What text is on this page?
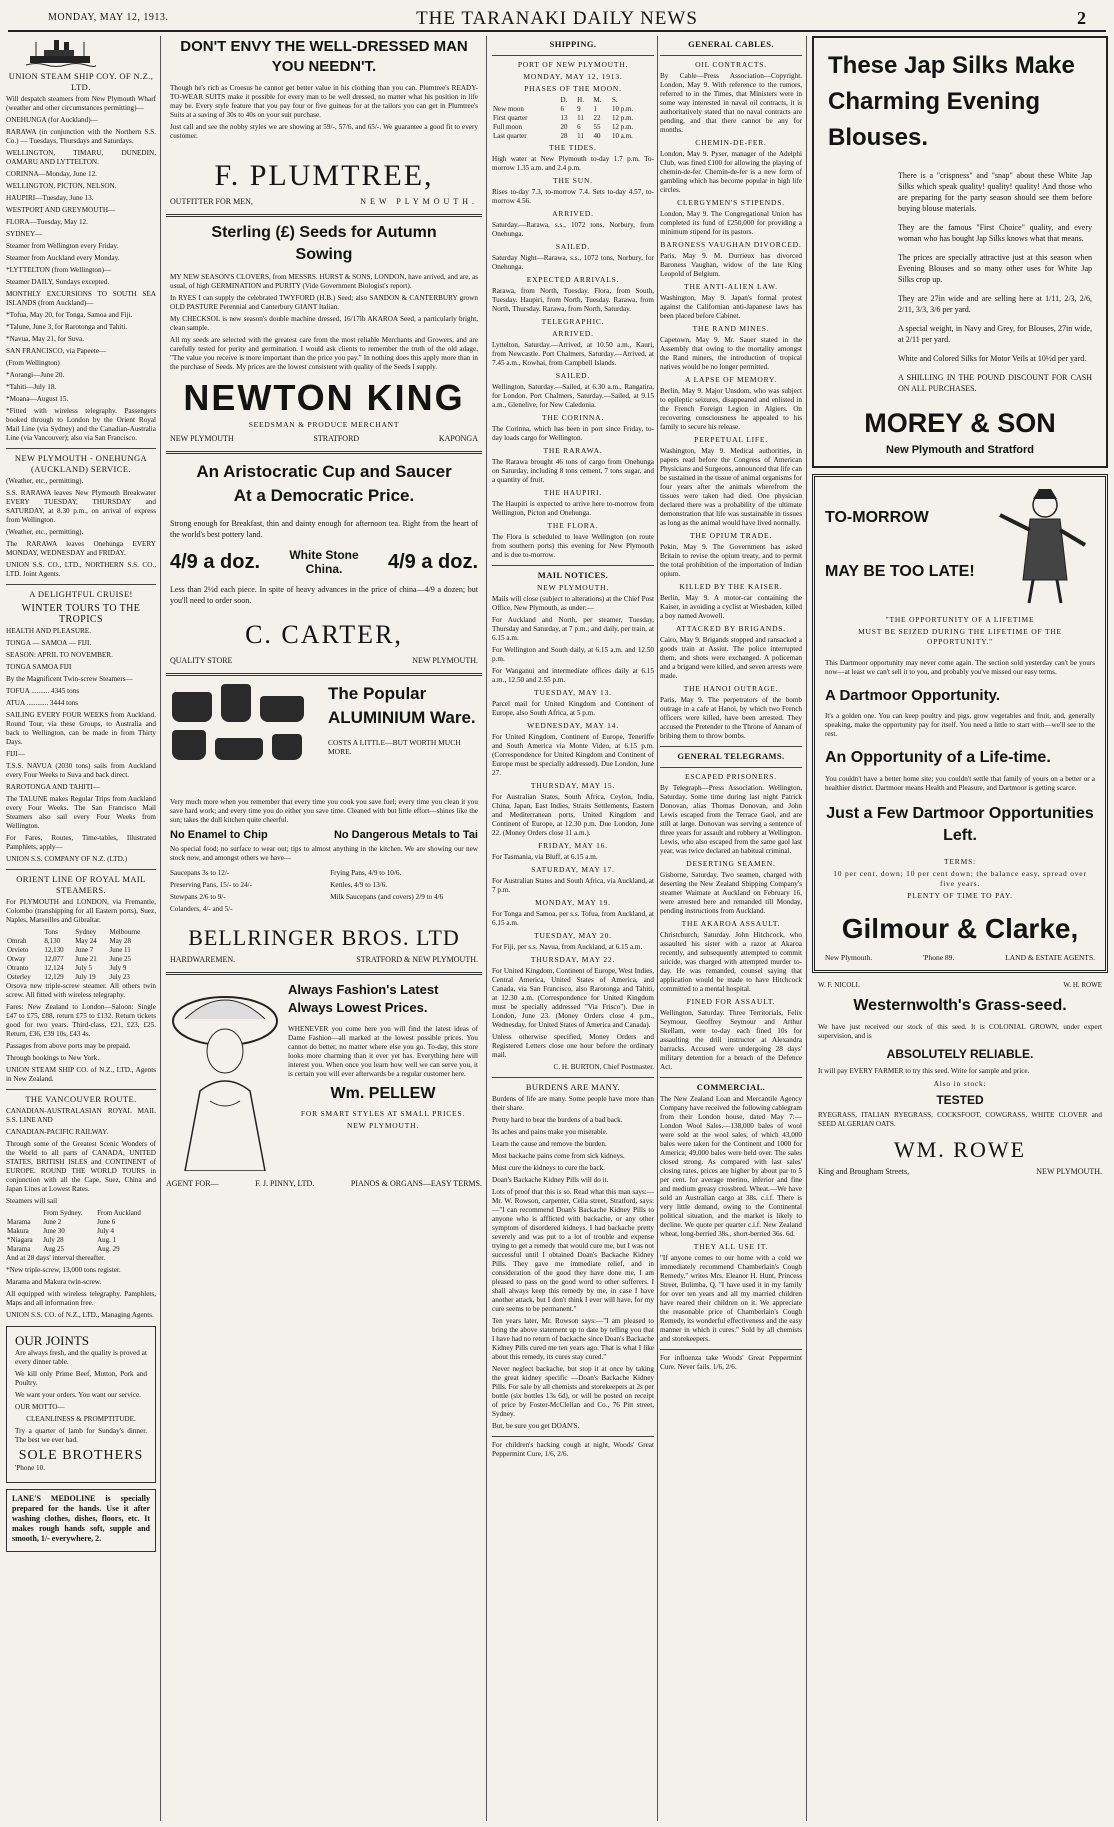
MONDAY, MAY 12, 1913.	THE TARANAKI DAILY NEWS	2
UNION STEAM SHIP COY. OF N.Z., LTD.

Will despatch steamers from New Plymouth Wharf (weather and other circumstances permitting)—

ONEHUNGA (for Auckland)—

RARAWA (in conjunction with the Northern S.S. Co.) — Tuesdays, Thursdays and Saturdays.

WELLINGTON, TIMARU, DUNEDIN, OAMARU AND LYTTELTON.

CORINNA—Monday, June 12.

WELLINGTON, PICTON, NELSON.

HAUPIRI—Tuesday, June 13.

WESTPORT AND GREYMOUTH—

FLORA—Tuesday, May 12.

SYDNEY—

Steamer from Wellington every Friday.

Steamer from Auckland every Monday.

*LYTTELTON (from Wellington)—

Steamer DAILY, Sundays excepted.

MONTHLY EXCURSIONS TO SOUTH SEA ISLANDS (from Auckland)—

*Tofua, May 20, for Tonga, Samoa and Fiji.

*Talune, June 3, for Rarotonga and Tahiti.

*Navua, May 21, for Suva.

SAN FRANCISCO, via Papeete—

(From Wellington)

*Aorangi—June 20.

*Tahiti—July 18.

*Moana—August 15.

*Fitted with wireless telegraphy. Passengers booked through to London by the Orient Royal Mail Line (via Sydney) and the Canadian-Australia Line (via Vancouver); also via San Francisco.

NEW PLYMOUTH - ONEHUNGA (AUCKLAND) SERVICE.

(Weather, etc., permitting).

S.S. RARAWA leaves New Plymouth Breakwater EVERY TUESDAY, THURSDAY and SATURDAY, at 8.30 p.m., on arrival of express from Wellington.

(Weather, etc., permitting).

The RARAWA leaves Onehunga EVERY MONDAY, WEDNESDAY and FRIDAY.

UNION S.S. CO., LTD., NORTHERN S.S. CO., LTD. Joint Agents.

A DELIGHTFUL CRUISE!
WINTER TOURS TO THE TROPICS

HEALTH AND PLEASURE.

TONGA — SAMOA — FIJI.

SEASON: APRIL TO NOVEMBER.

TONGA SAMOA FIJI

By the Magnificent Twin-screw Steamers—

TOFUA .......... 4345 tons

ATUA ............ 3444 tons

SAILING EVERY FOUR WEEKS from Auckland. Round Tour, via these Groups, to Australia and back to Wellington, can be made in from Thirty Days.

FIJI—

T.S.S. NAVUA (2030 tons) sails from Auckland every Four Weeks to Suva and back direct.

RAROTONGA AND TAHITI—

The TALUNE makes Regular Trips from Auckland every Four Weeks. The San Francisco Mail Steamers also sail every Four Weeks from Wellington.

For Fares, Routes, Time-tables, Illustrated Pamphlets, apply—

UNION S.S. COMPANY OF N.Z. (LTD.)

ORIENT LINE OF ROYAL MAIL STEAMERS.

For PLYMOUTH and LONDON, via Fremantle, Colombo (transhipping for all Eastern ports), Suez, Naples, Marseilles and Gibraltar.

	Tons	Sydney	Melbourne
Omrah	8,130	May 24	May 28
Orvieto	12,130	June 7	June 11
Otway	12,077	June 21	June 25
Otranto	12,124	July 5	July 9
Osterley	12,129	July 19	July 23

Orsova new triple-screw steamer. All others twin screw. All fitted with wireless telegraphy.

Fares: New Zealand to London—Saloon: Single £47 to £75, £88, return £75 to £132. Return tickets good for two years. Third-class, £21, £23, £25. Return, £36, £39 10s, £43 4s.

Passages from above ports may be prepaid.

Through bookings to New York.

UNION STEAM SHIP CO. of N.Z., LTD., Agents in New Zealand.

THE VANCOUVER ROUTE.

CANADIAN-AUSTRALASIAN ROYAL MAIL S.S. LINE AND

CANADIAN-PACIFIC RAILWAY.

Through some of the Greatest Scenic Wonders of the World to all parts of CANADA, UNITED STATES, BRITISH ISLES and CONTINENT of EUROPE. ROUND THE WORLD TOURS in conjunction with all the Cape, Suez, China and Japan Lines at Lowest Rates.

Steamers will sail

	From Sydney.	From Auckland
Marama	June 2	June 6
Makura	June 30	July 4
*Niagara	July 28	Aug. 1
Marama	Aug 25	Aug. 29

And at 28 days' interval thereafter.

*New triple-screw, 13,000 tons register.

Marama and Makura twin-screw.

All equipped with wireless telegraphy. Pamphlets, Maps and all information free.

UNION S.S. CO. of N.Z., LTD., Managing Agents.

OUR JOINTS

Are always fresh, and the quality is proved at every dinner table.

We kill only Prime Beef, Mutton, Pork and Poultry.

We want your orders. You want our service.

OUR MOTTO—

CLEANLINESS & PROMPTITUDE.

Try a quarter of lamb for Sunday's dinner. The best we ever had.

SOLE BROTHERS

'Phone 10.

LANE'S MEDOLINE is specially prepared for the hands. Use it after washing clothes, dishes, floors, etc. It makes rough hands soft, supple and smooth, 1/- everywhere, 2.

DON'T ENVY THE WELL-DRESSED MAN
YOU NEEDN'T.

Though he's rich as Croesus he cannot get better value in his clothing than you can. Plumtree's READY-TO-WEAR SUITS make it possible for every man to be well dressed, no matter what his position in life may be. Every style feature that you pay four or five guineas for at the tailors you can get in Plumtree's Suits at a saving of 30s to 40s on your suit purchase.

Just call and see the nobby styles we are showing at 59/-, 57/6, and 65/-. We guarantee a good fit to every customer.

F. PLUMTREE,
OUTFITTER FOR MEN,	NEW PLYMOUTH.
Sterling (£) Seeds for Autumn
Sowing

MY NEW SEASON'S CLOVERS, from MESSRS. HURST & SONS, LONDON, have arrived, and are, as usual, of high GERMINATION and PURITY (Vide Government Biologist's report).

In RYES I can supply the celebrated TWYFORD (H.B.) Seed; also SANDON & CANTERBURY grown OLD PASTURE Perennial and Canterbury GIANT Italian.

My CHECKSOL is new season's double machine dressed, 16/17lb AKAROA Seed, a particularly bright, clean sample.

All my seeds are selected with the greatest care from the most reliable Merchants and Growers, and are carefully tested for purity and germination. I would ask clients to remember the truth of the old adage, "The value you receive is more important than the price you pay." In nothing does this apply more than in the purchase of Seeds. My prices are the lowest consistent with quality of the Seeds I supply.

NEWTON KING
SEEDSMAN & PRODUCE MERCHANT
NEW PLYMOUTH	STRATFORD	KAPONGA
An Aristocratic Cup and Saucer
At a Democratic Price.

Strong enough for Breakfast, thin and dainty enough for afternoon tea. Right from the heart of the world's best pottery land.

4/9 a doz.	White Stone China.	4/9 a doz.

Less than 2½d each piece. In spite of heavy advances in the price of china—4/9 a dozen; but you'll need to order soon.

C. CARTER,
QUALITY STORE	NEW PLYMOUTH.

The Popular ALUMINIUM Ware.

COSTS A LITTLE—BUT WORTH MUCH MORE.

Very much more when you remember that every time you cook you save fuel; every time you clean it you save hard work; and every time you do either you save time. Cleaned with but little effort—shines like the sun; takes the dull kitchen quite cheerful.

No Enamel to Chip	No Dangerous Metals to Tai

No special food; no surface to wear out; tips to almost anything in the kitchen. We are showing our new stock now, and amongst others we have—

Saucepans 3s to 12/-

Preserving Pans, 15/- to 24/-

Stewpans 2/6 to 9/-

Colanders, 4/- and 5/-

Frying Pans, 4/9 to 10/6.

Kettles, 4/9 to 13/6.

Milk Saucepans (and covers) 2/9 to 4/6

BELLRINGER BROS. LTD
HARDWAREMEN.	STRATFORD & NEW PLYMOUTH.
Always Fashion's Latest Always Lowest Prices.

WHENEVER you come here you will find the latest ideas of Dame Fashion—all marked at the lowest possible prices. You cannot do better, no matter where else you go. To-day, this store looks more charming than it ever yet has. Everything here will interest you. When once you learn how well we can serve you, it is certain you will ever afterwards be a regular customer here.

Wm. PELLEW
FOR SMART STYLES AT SMALL PRICES.
NEW PLYMOUTH.
AGENT FOR—	F. J. PINNY, LTD.	PIANOS & ORGANS—EASY TERMS.
SHIPPING.
PORT OF NEW PLYMOUTH.
MONDAY, MAY 12, 1913.
PHASES OF THE MOON.
	D.	H.	M.	S.
New moon	6	9	1	10 p.m.
First quarter	13	11	22	12 p.m.
Full moon	20	6	55	12 p.m.
Last quarter	28	11	40	10 a.m.
THE TIDES.

High water at New Plymouth to-day 1.7 p.m. To-morrow 1.35 a.m. and 2.4 p.m.

THE SUN.

Rises to-day 7.3, to-morrow 7.4. Sets to-day 4.57, to-morrow 4.56.

ARRIVED.

Saturday.—Rarawa, s.s., 1072 tons, Norbury, from Onehunga.

SAILED.

Saturday Night—Rarawa, s.s., 1072 tons, Norbury, for Onehunga.

EXPECTED ARRIVALS.

Rarawa, from North, Tuesday. Flora, from South, Tuesday. Haupiri, from North, Tuesday. Rarawa, from North, Thursday. Rarawa, from North, Saturday.

TELEGRAPHIC.
ARRIVED.

Lyttelton, Saturday.—Arrived, at 10.50 a.m., Kauri, from Newcastle. Port Chalmers, Saturday.—Arrived, at 7.45 a.m., Kowhai, from Campbell Islands.

SAILED.

Wellington, Saturday.—Sailed, at 6.30 a.m., Rangatira, for London. Port Chalmers, Saturday.—Sailed, at 9.15 a.m., Glenelive, for New Caledonia.

THE CORINNA.

The Corinna, which has been in port since Friday, to-day loads cargo for Wellington.

THE RARAWA.

The Rarawa brought 46 tons of cargo from Onehunga on Saturday, including 8 tons cement, 7 tons sugar, and a quantity of fruit.

THE HAUPIRI.

The Haupiri is expected to arrive here to-morrow from Wellington, Picton and Onehunga.

THE FLORA.

The Flora is scheduled to leave Wellington (on route from southern ports) this evening for New Plymouth and is due to-morrow.

MAIL NOTICES.
NEW PLYMOUTH.

Mails will close (subject to alterations) at the Chief Post Office, New Plymouth, as under:—

For Auckland and North, per steamer, Tuesday, Thursday and Saturday, at 7 p.m.; and daily, per train, at 6.15 a.m.

For Wellington and South daily, at 6.15 a.m. and 12.50 p.m.

For Wanganui and intermediate offices daily at 6.15 a.m., 12.50 and 2.55 p.m.

TUESDAY, MAY 13.

Parcel mail for United Kingdom and Continent of Europe, also South Africa, at 5 p.m.

WEDNESDAY, MAY 14.

For United Kingdom, Continent of Europe, Teneriffe and South America via Monte Video, at 6.15 p.m. (Correspondence for United Kingdom and Continent of Europe must be specially addressed). Due London, June 27.

THURSDAY, MAY 15.

For Australian States, South Africa, Ceylon, India, China, Japan, East Indies, Straits Settlements, Eastern and Mediterranean ports, United Kingdom and Continent of Europe, at 12.30 p.m. Due London, June 22. (Money Orders close 11 a.m.).

FRIDAY, MAY 16.

For Tasmania, via Bluff, at 6.15 a.m.

SATURDAY, MAY 17.

For Australian States and South Africa, via Auckland, at 7 p.m.

MONDAY, MAY 19.

For Tonga and Samoa, per s.s. Tofua, from Auckland, at 6.15 a.m.

TUESDAY, MAY 20.

For Fiji, per s.s. Navua, from Auckland, at 6.15 a.m.

THURSDAY, MAY 22.

For United Kingdom, Continent of Europe, West Indies, Central America, United States of America, and Canada, via San Francisco, also Rarotonga and Tahiti, at 12.30 a.m. (Correspondence for United Kingdom must be specially addressed "Via Frisco"). Due in London, June 23. (Money Orders close 4 p.m., Wednesday, for United States of America and Canada).

Unless otherwise specified, Money Orders and Registered Letters close one hour before the ordinary mail.

C. H. BURTON, Chief Postmaster.

BURDENS ARE MANY.

Burdens of life are many. Some people have more than their share.

Pretty hard to bear the burdens of a bad back.

Its aches and pains make you miserable.

Learn the cause and remove the burden.

Most backache pains come from sick kidneys.

Must cure the kidneys to cure the back.

Doan's Backache Kidney Pills will do it.

Lots of proof that this is so. Read what this man says:—Mr. W. Rowson, carpenter, Celia street, Stratford, says:—"I can recommend Doan's Backache Kidney Pills to anyone who is afflicted with backache, or any other symptom of disordered kidneys. I had backache pretty severely and was put to a lot of trouble and expense trying to get a remedy that would cure me, but I was not successful until I obtained Doan's Backache Kidney Pills. They gave me immediate relief, and in consideration of the good they have done me, I am pleased to pass on the good word to other sufferers. I shall always keep this remedy by me, in case I have another attack, but I don't think I ever will have, for my cure seems to be permanent."

Ten years later, Mr. Rowson says:—"I am pleased to bring the above statement up to date by telling you that I have had no return of backache since Doan's Backache Kidney Pills cured me ten years ago. That is what I like about this remedy, its cures stay cured."

Never neglect backache, but stop it at once by taking the great kidney specific —Doan's Backache Kidney Pills. For sale by all chemists and storekeepers at 2s per bottle (six bottles 13s 6d), or will be posted on receipt of price by Foster-McClellan and Co., 76 Pitt street, Sydney.

But, be sure you get DOAN'S.

For children's hacking cough at night, Woods' Great Peppermint Cure, 1/6, 2/6.

GENERAL CABLES.
OIL CONTRACTS.

By Cable—Press Association—Copyright. London, May 9. With reference to the rumors, referred to in the Times, that Ministers were in some way interested in naval oil contracts, it is authoritatively stated that no naval contracts are pending, and that there cannot be any for months.

CHEMIN-DE-FER.

London, May 9. Pyser, manager of the Adelphi Club, was fined £100 for allowing the playing of chemin-de-fer. Chemin-de-fer is a new form of gambling which has become popular in high life circles.

CLERGYMEN'S STIPENDS.

London, May 9. The Congregational Union has completed its fund of £250,000 for providing a minimum stipend for its pastors.

BARONESS VAUGHAN DIVORCED.

Paris, May 9. M. Durrieux has divorced Baroness Vaughan, widow of the late King Leopold of Belgium.

THE ANTI-ALIEN LAW.

Washington, May 9. Japan's formal protest against the Californian anti-Japanese laws has been placed before Cabinet.

THE RAND MINES.

Capetown, May 9. Mr. Sauer stated in the Assembly that owing to the mortality amongst the Rand miners, the introduction of tropical natives would be no longer permitted.

A LAPSE OF MEMORY.

Berlin, May 9. Major Unsdom, who was subject to epileptic seizures, disappeared and enlisted in the French Foreign Legion in Algiers. On recovering consciousness he appealed to his family to secure his release.

PERPETUAL LIFE.

Washington, May 9. Medical authorities, in papers read before the Congress of American Physicians and Surgeons, announced that life can be sustained in the tissue of animal organisms for four years after the animals wherefrom the tissues were taken had died. One physician declared there was a probability of the ultimate demonstration that life was sustainable in tissues as long as the animal would have lived normally.

THE OPIUM TRADE.

Pekin, May 9. The Government has asked Britain to revise the opium treaty, and to permit the total prohibition of the importation of Indian opium.

KILLED BY THE KAISER.

Berlin, May 9. A motor-car containing the Kaiser, in avoiding a cyclist at Wiesbaden, killed a boy named Avowell.

ATTACKED BY BRIGANDS.

Cairo, May 9. Brigands stopped and ransacked a goods train at Assiut. The police interrupted them, and shots were exchanged. A policeman and a brigand were killed, and seven arrests were made.

THE HANOI OUTRAGE.

Paris, May 9. The perpetrators of the bomb outrage in a cafe at Hanoi, by which two French officers were killed, have been arrested. They accused the Pretender to the Throne of Annam of bribing them to throw bombs.

GENERAL TELEGRAMS.
ESCAPED PRISONERS.

By Telegraph—Press Association. Wellington, Saturday. Some time during last night Patrick Donovan, alias Thomas Donovan, and John Lewis escaped from the Terrace Gaol, and are still at large. Donovan was serving a sentence of three years for assault and robbery at Wellington. Lewis, who also escaped from the same gaol last year, was twice declared an habitual criminal.

DESERTING SEAMEN.

Gisborne, Saturday. Two seamen, charged with deserting the New Zealand Shipping Company's steamer Waimate at Auckland on February 16, were arrested here and remanded till Monday, pending instructions from Auckland.

THE AKAROA ASSAULT.

Christchurch, Saturday. John Hitchcock, who assaulted his sister with a razor at Akaroa recently, and subsequently attempted to commit suicide, was charged with attempted murder to-day. He was remanded, counsel saying that application would be made to have Hitchcock committed to a mental hospital.

FINED FOR ASSAULT.

Wellington, Saturday. Three Territorials, Felix Seymour, Geoffrey Seymour and Arthur Skellam, were to-day each fined 10s for assaulting the drill instructor at Alexandra barracks. Accused were undergoing 28 days' military detention for a breach of the Defence Act.

COMMERCIAL.

The New Zealand Loan and Mercantile Agency Company have received the following cablegram from their London house, dated May 7:—London Wool Sales.—138,000 bales of wool were sold at the wool sales, of which 43,000 bales were taken for the Continent and 1000 for America; 49,000 bales were held over. The sales closed strong. As compared with last sales' closing rates, prices are higher by about par to 5 per cent. for average merino, inferior and fine and medium greasy crossbred. Wheat.—We have sold an Australian cargo at 38s. c.i.f. There is very little demand, owing to the Continental political situation, and the market is likely to decline. We quote per quarter c.i.f. New Zealand wheat, long-berried 38s., short-berried 36s. 6d.

THEY ALL USE IT.

"If anyone comes to our home with a cold we immediately recommend Chamberlain's Cough Remedy," writes Mrs. Eleanor H. Hunt, Princess Street, Bulimba, Q. "I have used it in my family for over ten years and all my married children have reared their children on it. We appreciate the reasonable price of Chamberlain's Cough Remedy, its wonderful effectiveness and the easy manner in which it cures." Sold by all chemists and storekeepers.

For influenza take Woods' Great Peppermint Cure. Never fails. 1/6, 2/6.

These Jap Silks Make Charming Evening Blouses.

There is a "crispness" and "snap" about these White Jap Silks which speak quality! quality! quality! And those who are preparing for the party season should see them before buying blouse materials.

They are the famous "First Choice" quality, and every woman who has bought Jap Silks knows what that means.

The prices are specially attractive just at this season when Evening Blouses and so many other uses for White Jap Silks crop up.

They are 27in wide and are selling here at 1/11, 2/3, 2/6, 2/11, 3/3, 3/6 per yard.

A special weight, in Navy and Grey, for Blouses, 27in wide, at 2/11 per yard.

White and Colored Silks for Motor Veils at 10½d per yard.

A SHILLING IN THE POUND DISCOUNT FOR CASH ON ALL PURCHASES.

MOREY & SON
New Plymouth and Stratford
TO-MORROW
MAY BE TOO LATE!
"THE OPPORTUNITY OF A LIFETIME
MUST BE SEIZED DURING THE LIFETIME OF THE OPPORTUNITY."

This Dartmoor opportunity may never come again. The section sold yesterday can't be yours now—at least we can't sell it to you, and probably you've missed our easy terms.

A Dartmoor Opportunity.

It's a golden one. You can keep poultry and pigs, grow vegetables and fruit, and, generally speaking, make the opportunity pay for itself. You need a little to start with—we'll see to the rest.

An Opportunity of a Life-time.

You couldn't have a better home site; you couldn't settle that family of yours on a better or a healthier district. Dartmoor means Health and Pleasure, and Dartmoor is getting scarce.

Just a Few Dartmoor Opportunities Left.
TERMS:
10 per cent. down; 10 per cent down; the balance easy, spread over five years.
PLENTY OF TIME TO PAY.
Gilmour & Clarke,
New Plymouth.	'Phone 89.	LAND & ESTATE AGENTS.
W. F. NICOLL	W. H. ROWE
Westernwolth's Grass-seed.

We have just received our stock of this seed. It is COLONIAL GROWN, under expert supervision, and is

ABSOLUTELY RELIABLE.

It will pay EVERY FARMER to try this seed. Write for sample and price.

Also in stock:
TESTED

RYEGRASS, ITALIAN RYEGRASS, COCKSFOOT, COWGRASS, WHITE CLOVER and SEED ALGERIAN OATS.

WM. ROWE
King and Brougham Streets,	NEW PLYMOUTH.
